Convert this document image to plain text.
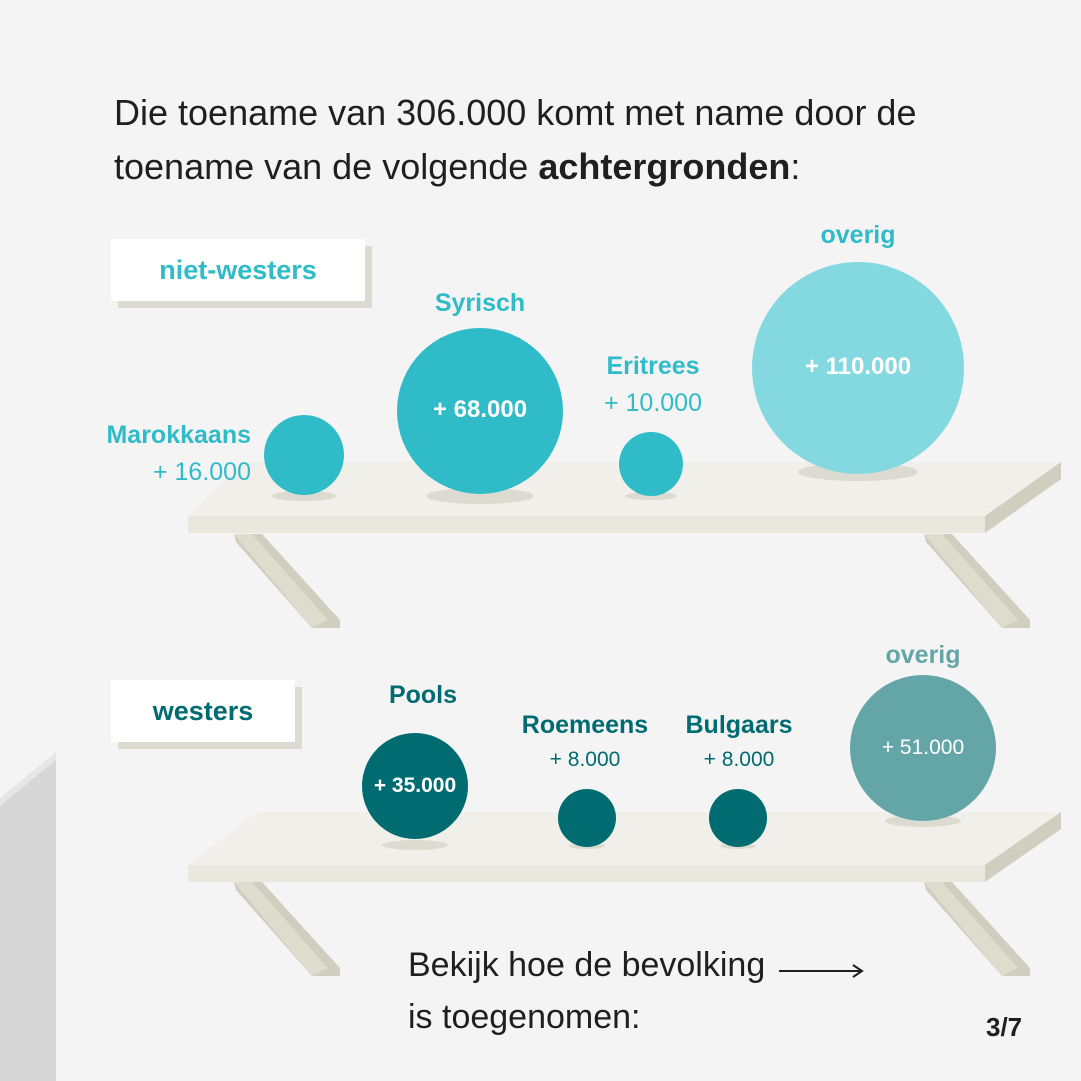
Die toename van 306.000 komt met name door de
toename van de volgende achtergronden:
niet-westers
westers
Marokkaans
+ 16.000
Syrisch
+ 68.000
Eritrees
+ 10.000
overig
+ 110.000
Pools
+ 35.000
Roemeens
+ 8.000
Bulgaars
+ 8.000
overig
+ 51.000
Bekijk hoe de bevolking
is toegenomen:	3/7
